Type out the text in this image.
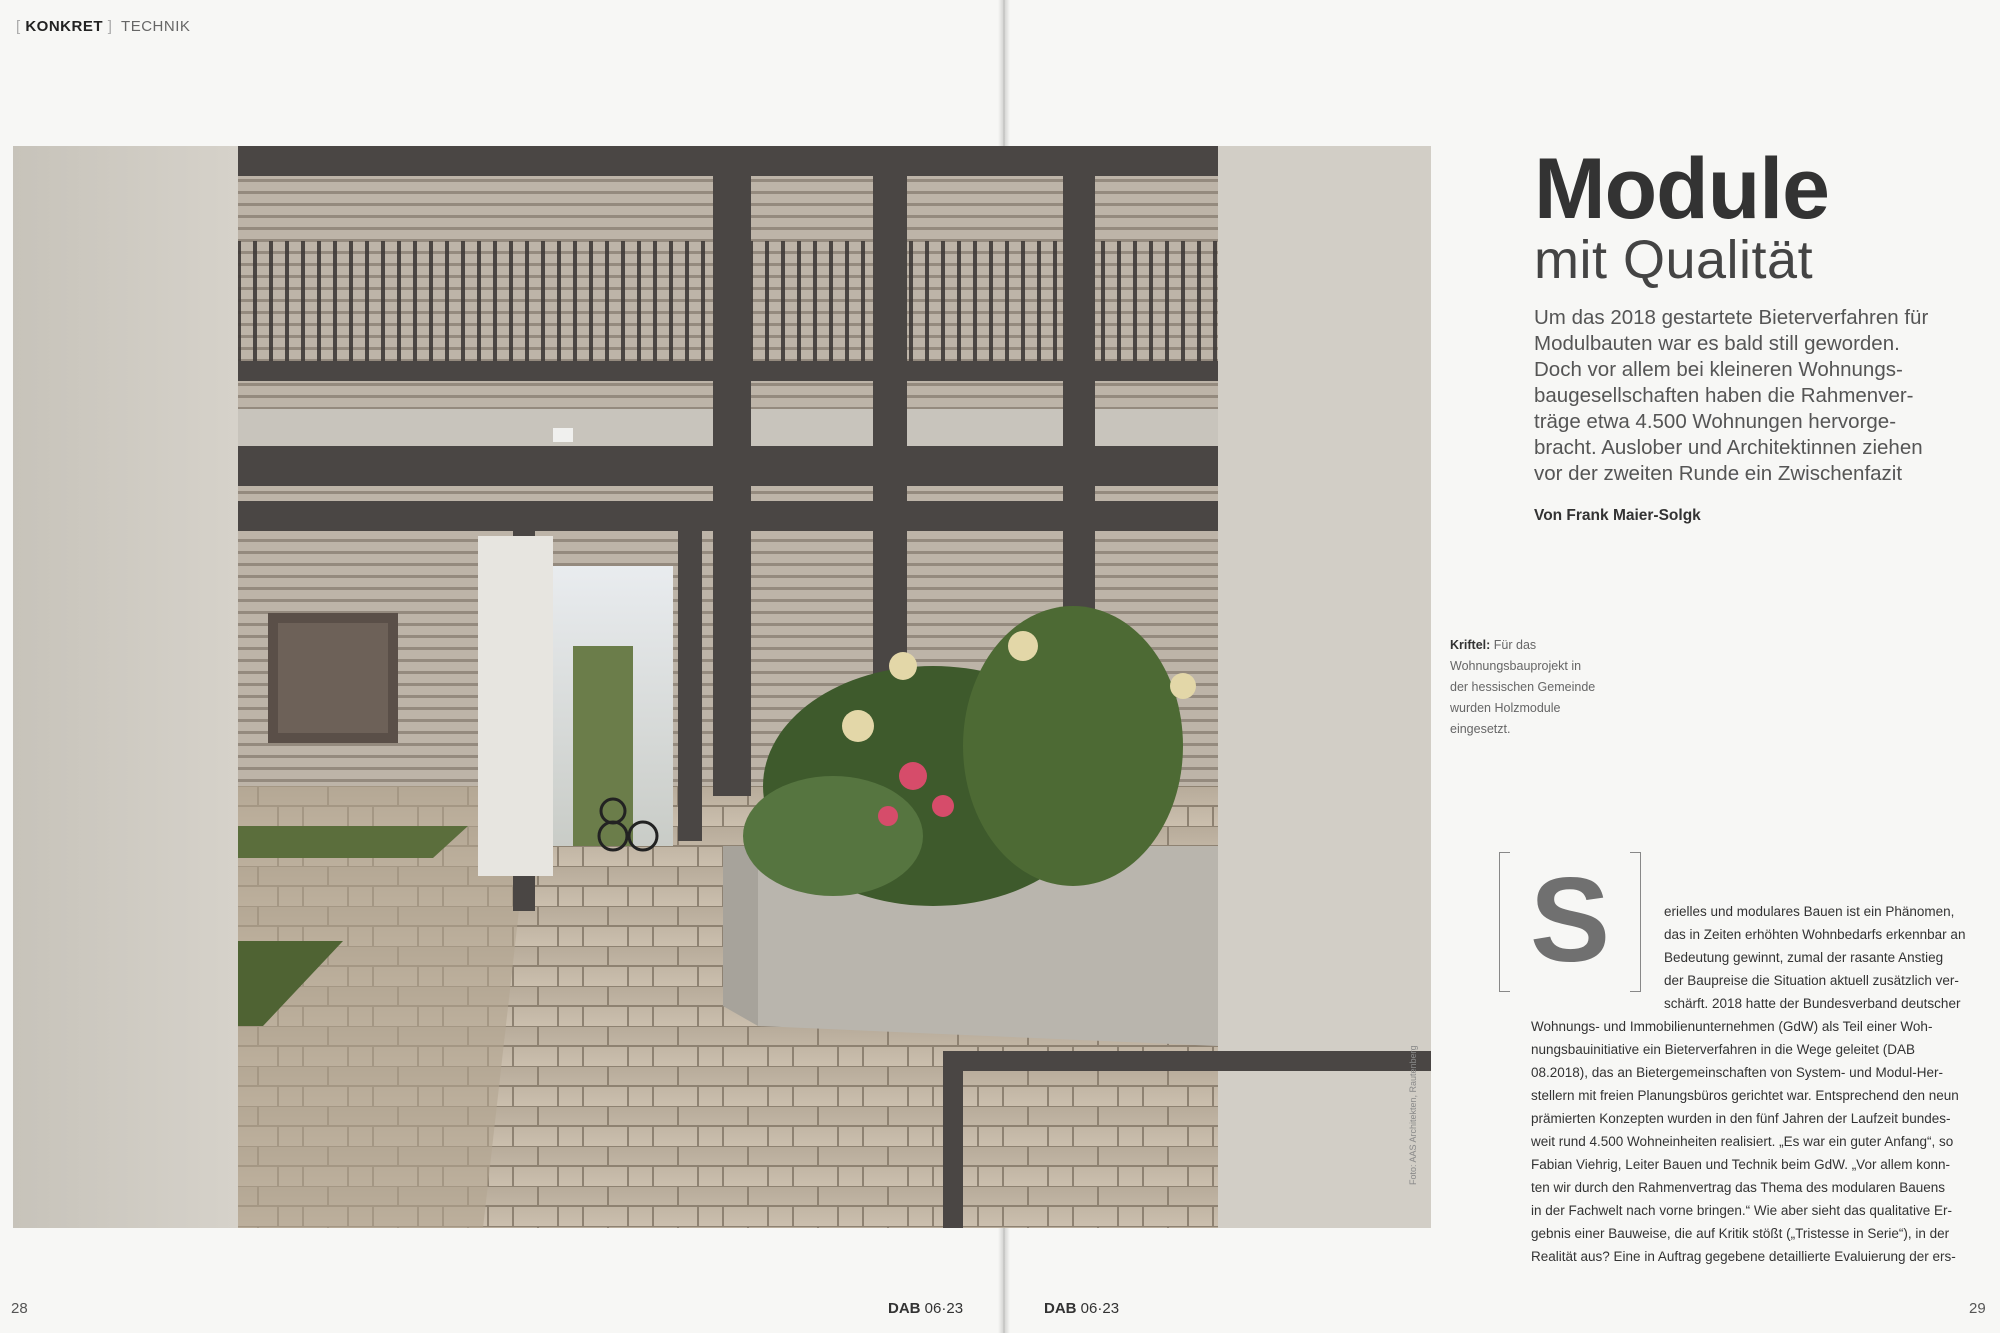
[ KONKRET ] TECHNIK
Foto: AAS Architekten, Rautenberg
Module
mit Qualität

Um das 2018 gestartete Bieterverfahren für
Modulbauten war es bald still geworden.
Doch vor allem bei kleineren Wohnungs-
baugesellschaften haben die Rahmenver-
träge etwa 4.500 Wohnungen hervorge-
bracht. Auslober und Architektinnen ziehen
vor der zweiten Runde ein Zwischenfazit

Von Frank Maier-Solgk

Kriftel: Für das
Wohnungsbauprojekt in
der hessischen Gemeinde
wurden Holzmodule
eingesetzt.

S	erielles und modulares Bauen ist ein Phänomen,
das in Zeiten erhöhten Wohnbedarfs erkennbar an
Bedeutung gewinnt, zumal der rasante Anstieg
der Baupreise die Situation aktuell zusätzlich ver-
schärft. 2018 hatte der Bundesverband deutscher
Wohnungs- und Immobilienunternehmen (GdW) als Teil einer Woh-
nungsbauinitiative ein Bieterverfahren in die Wege geleitet (DAB
08.2018), das an Bietergemeinschaften von System- und Modul-Her-
stellern mit freien Planungsbüros gerichtet war. Entsprechend den neun
prämierten Konzepten wurden in den fünf Jahren der Laufzeit bundes-
weit rund 4.500 Wohneinheiten realisiert. „Es war ein guter Anfang“, so
Fabian Viehrig, Leiter Bauen und Technik beim GdW. „Vor allem konn-
ten wir durch den Rahmenvertrag das Thema des modularen Bauens
in der Fachwelt nach vorne bringen.“ Wie aber sieht das qualitative Er-
gebnis einer Bauweise, die auf Kritik stößt („Tristesse in Serie“), in der
Realität aus? Eine in Auftrag gegebene detaillierte Evaluierung der ers-
28	DAB 06·23	DAB 06·23	29
